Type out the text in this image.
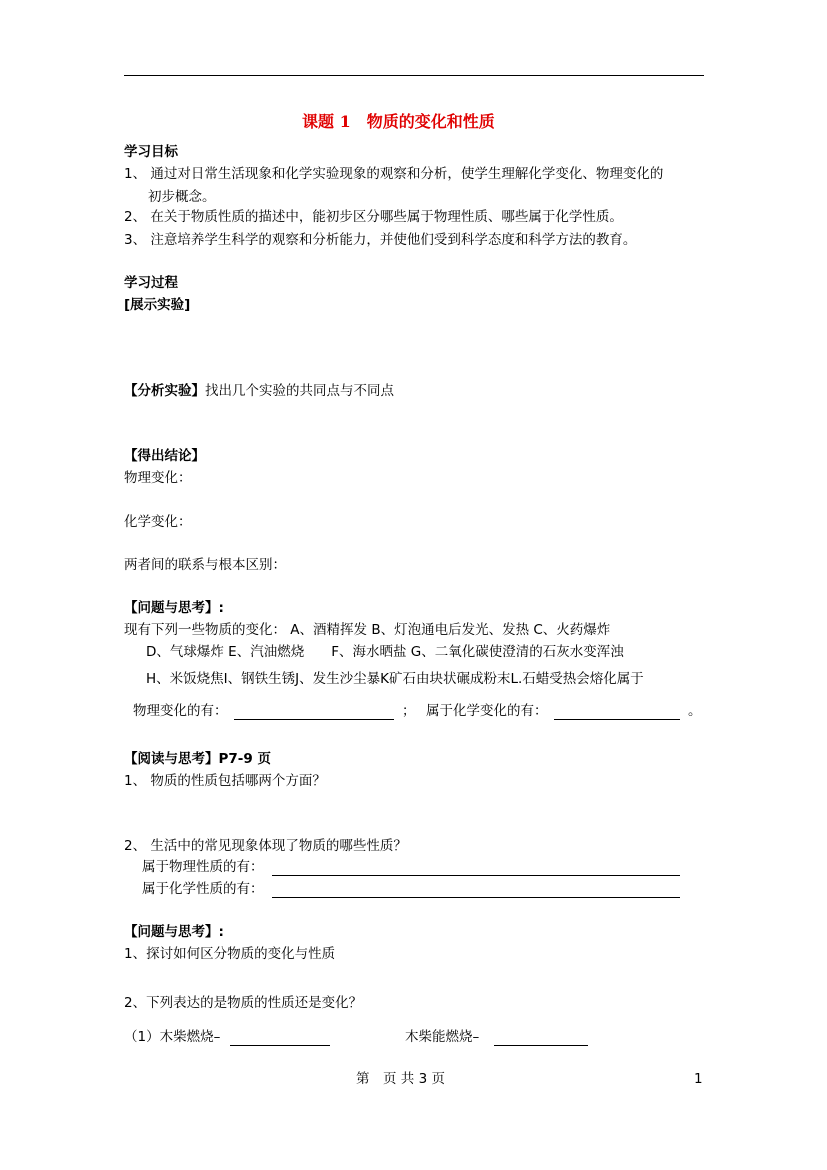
课题 1　物质的变化和性质
学习目标
1、 通过对日常生活现象和化学实验现象的观察和分析，使学生理解化学变化、物理变化的
初步概念。
2、 在关于物质性质的描述中，能初步区分哪些属于物理性质、哪些属于化学性质。
3、 注意培养学生科学的观察和分析能力，并使他们受到科学态度和科学方法的教育。
学习过程
[展示实验]
【分析实验】找出几个实验的共同点与不同点
【得出结论】
物理变化：
化学变化：
两者间的联系与根本区别：
【问题与思考】:
现有下列一些物质的变化： A、酒精挥发 B、灯泡通电后发光、发热 C、火药爆炸
D、气球爆炸 E、汽油燃烧　　F、海水晒盐 G、二氧化碳使澄清的石灰水变浑浊
H、米饭烧焦I、钢铁生锈J、发生沙尘暴K矿石由块状碾成粉末L.石蜡受热会熔化属于
物理变化的有：	； 属于化学变化的有：	。
【阅读与思考】P7-9 页
1、 物质的性质包括哪两个方面？
2、 生活中的常见现象体现了物质的哪些性质？
属于物理性质的有：
属于化学性质的有：
【问题与思考】:
1、探讨如何区分物质的变化与性质
2、下列表达的是物质的性质还是变化？
（1）木柴燃烧–	木柴能燃烧–
第　页 共 3 页	1
